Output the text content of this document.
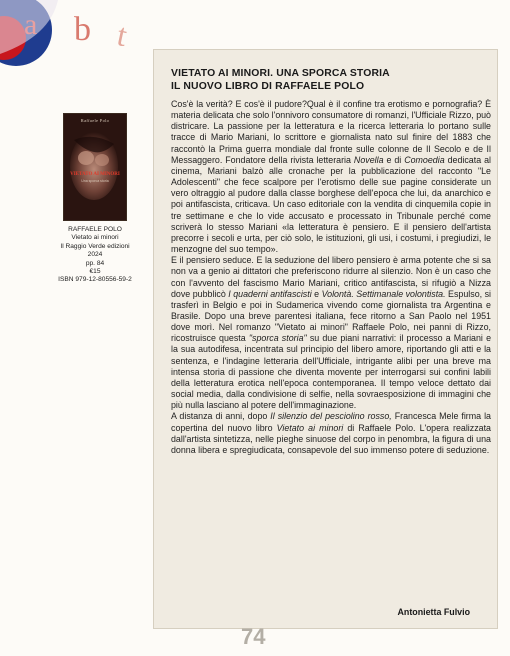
a b t
Raffaele Polo
VIETATO AI MINORI
Una sporca storia
RAFFAELE POLO
Vietato ai minori
Il Raggio Verde edizioni
2024
pp. 84
€15
ISBN 979-12-80556-59-2
VIETATO AI MINORI. UNA SPORCA STORIA
IL NUOVO LIBRO DI RAFFAELE POLO

Cos'è la verità? E cos'è il pudore?Qual è il confine tra erotismo e pornografia? È materia delicata che solo l'onnivoro consumatore di romanzi, l'Ufficiale Rizzo, può districare. La passione per la letteratura e la ricerca letteraria lo portano sulle tracce di Mario Mariani, lo scrittore e giornalista nato sul finire del 1883 che raccontò la Prima guerra mondiale dal fronte sulle colonne de Il Secolo e de Il Messaggero. Fondatore della rivista letteraria Novella e di Comoedia dedicata al cinema, Mariani balzò alle cronache per la pubblicazione del racconto "Le Adolescenti" che fece scalpore per l'erotismo delle sue pagine considerate un vero oltraggio al pudore dalla classe borghese dell'epoca che lui, da anarchico e poi antifascista, criticava. Un caso editoriale con la vendita di cinquemila copie in tre settimane e che lo vide accusato e processato in Tribunale perché come scriverà lo stesso Mariani «la letteratura è pensiero. E il pensiero dell'artista precorre i secoli e urta, per ciò solo, le istituzioni, gli usi, i costumi, i pregiudizi, le menzogne del suo tempo».

E il pensiero seduce. E la seduzione del libero pensiero è arma potente che si sa non va a genio ai dittatori che preferiscono ridurre al silenzio. Non è un caso che con l'avvento del fascismo Mario Mariani, critico antifascista, si rifugiò a Nizza dove pubblicò I quaderni antifascisti e Volontà. Settimanale volontista. Espulso, si trasferì in Belgio e poi in Sudamerica vivendo come giornalista tra Argentina e Brasile. Dopo una breve parentesi italiana, fece ritorno a San Paolo nel 1951 dove morì. Nel romanzo "Vietato ai minori" Raffaele Polo, nei panni di Rizzo, ricostruisce questa "sporca storia" su due piani narrativi: il processo a Mariani e la sua autodifesa, incentrata sul principio del libero amore, riportando gli atti e la sentenza, e l'indagine letteraria dell'Ufficiale, intrigante alibi per una breve ma intensa storia di passione che diventa movente per interrogarsi sui confini labili della letteratura erotica nell'epoca contemporanea. Il tempo veloce dettato dai social media, dalla condivisione di selfie, nella sovraesposizione di immagini che più nulla lasciano al potere dell'immaginazione.

A distanza di anni, dopo Il silenzio del pesciolino rosso, Francesca Mele firma la copertina del nuovo libro Vietato ai minori di Raffaele Polo. L'opera realizzata dall'artista sintetizza, nelle pieghe sinuose del corpo in penombra, la figura di una donna libera e spregiudicata, consapevole del suo immenso potere di seduzione.

Antonietta Fulvio
74
